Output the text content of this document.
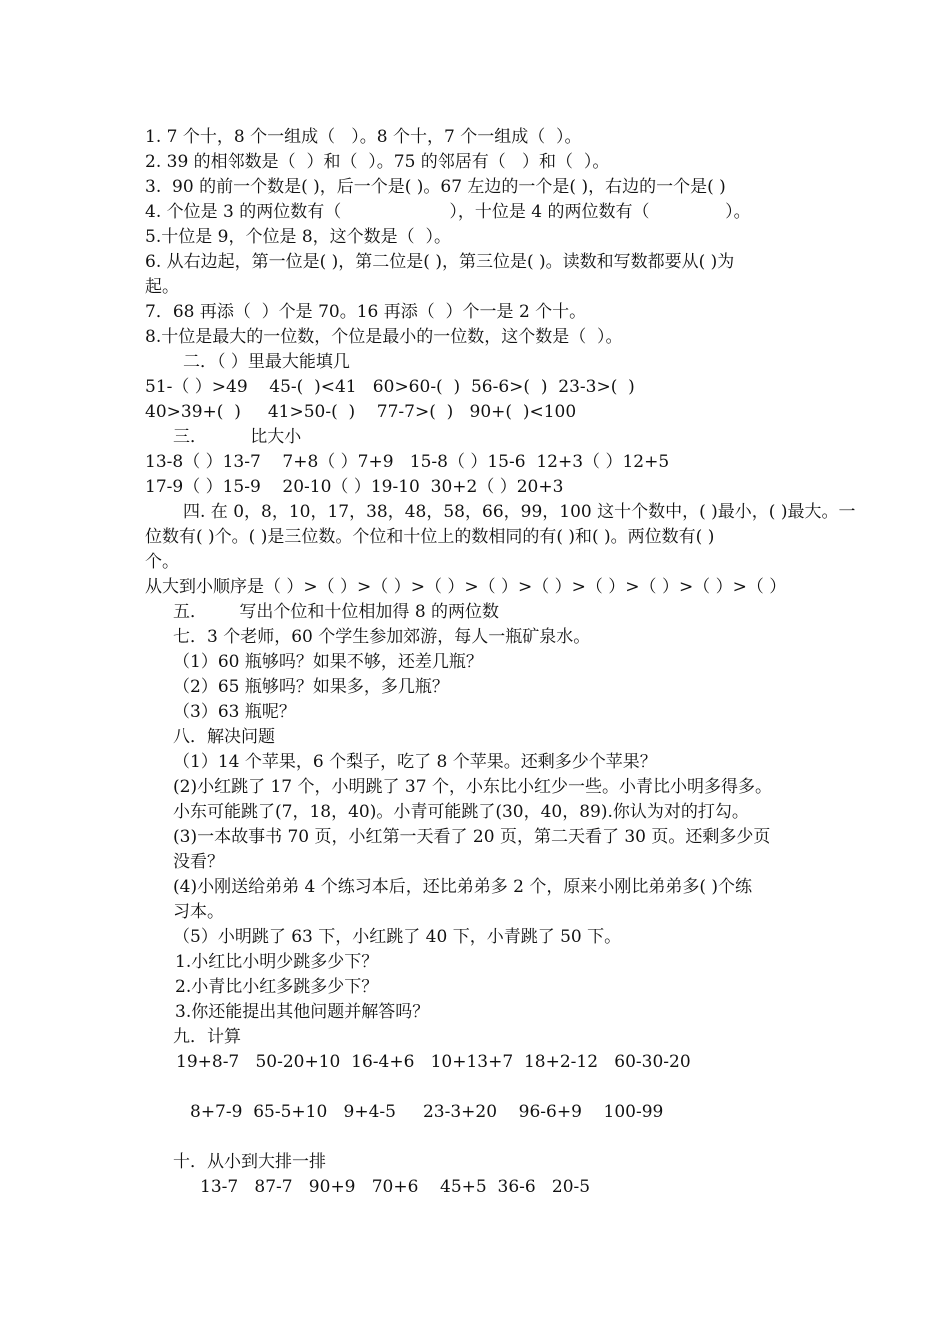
1. 7 个十，8 个一组成（   ）。8 个十，7 个一组成（  ）。
2. 39 的相邻数是（  ）和（  ）。75 的邻居有（   ）和（  ）。
3.  90 的前一个数是( )，后一个是( )。67 左边的一个是( )，右边的一个是( )
4. 个位是 3 的两位数有（                    ），十位是 4 的两位数有（              ）。
5.十位是 9，个位是 8，这个数是（  ）。
6. 从右边起，第一位是( )，第二位是( )，第三位是( )。读数和写数都要从( )为
起。
7．68 再添（  ）个是 70。16 再添（  ）个一是 2 个十。
8.十位是最大的一位数，个位是最小的一位数，这个数是（  ）。
二．（ ）里最大能填几
51-（ ）>49    45-(  )<41   60>60-(  )  56-6>(  )  23-3>(  )
40>39+(  )     41>50-(  )    77-7>(  )   90+(  )<100
三．        比大小
13-8（ ）13-7    7+8（ ）7+9   15-8（ ）15-6  12+3（ ）12+5
17-9（ ）15-9    20-10（ ）19-10  30+2（ ）20+3
四. 在 0，8，10，17，38，48，58，66，99，100 这十个数中，( )最小，( )最大。一
位数有( )个。( )是三位数。个位和十位上的数相同的有( )和( )。两位数有( )
个。
从大到小顺序是（ ）>（ ）>（ ）>（ ）>（ ）>（ ）>（ ）>（ ）>（ ）>（ ）
五．      写出个位和十位相加得 8 的两位数
七．3 个老师，60 个学生参加郊游，每人一瓶矿泉水。
（1）60 瓶够吗？如果不够，还差几瓶？
（2）65 瓶够吗？如果多，多几瓶？
（3）63 瓶呢？
八．解决问题
（1）14 个苹果，6 个梨子，吃了 8 个苹果。还剩多少个苹果？
(2)小红跳了 17 个，小明跳了 37 个，小东比小红少一些。小青比小明多得多。
小东可能跳了(7，18，40)。小青可能跳了(30，40，89).你认为对的打勾。
(3)一本故事书 70 页，小红第一天看了 20 页，第二天看了 30 页。还剩多少页
没看？
(4)小刚送给弟弟 4 个练习本后，还比弟弟多 2 个，原来小刚比弟弟多( )个练
习本。
（5）小明跳了 63 下，小红跳了 40 下，小青跳了 50 下。
1.小红比小明少跳多少下？
2.小青比小红多跳多少下？
3.你还能提出其他问题并解答吗？
九．计算
19+8-7   50-20+10  16-4+6   10+13+7  18+2-12   60-30-20
8+7-9  65-5+10   9+4-5     23-3+20    96-6+9    100-99
十．从小到大排一排
13-7   87-7   90+9   70+6    45+5  36-6   20-5
